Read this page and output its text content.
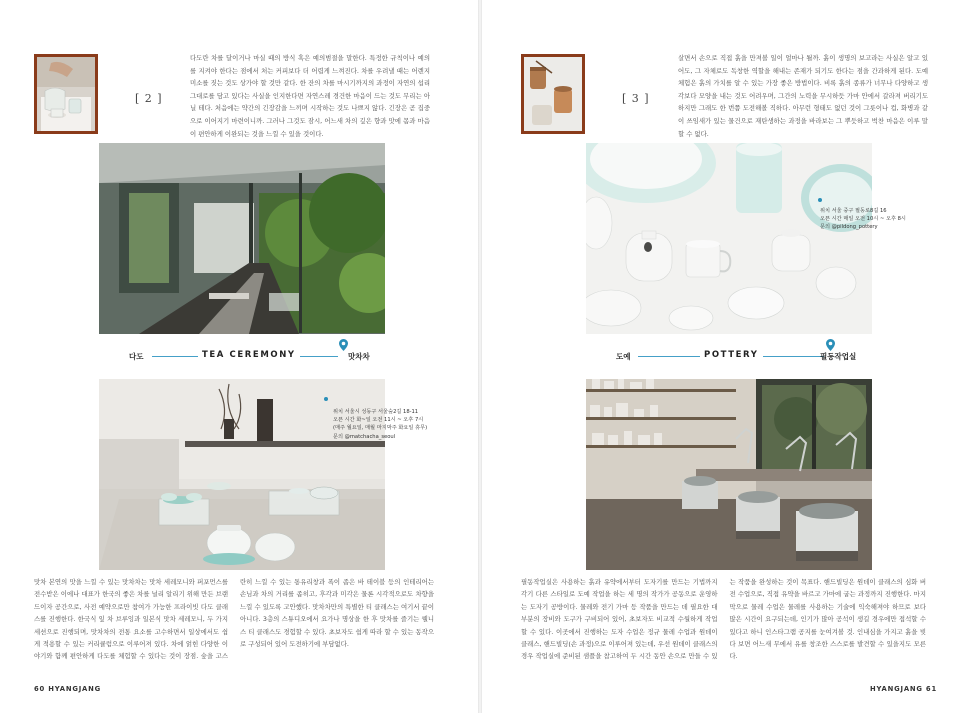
[ 2 ]
다도란 차를 달이거나 마실 때의 방식 혹은 예의범절을 말한다. 특정한 규칙이나 예의를 지켜야 한다는 점에서 처는 커피보다 더 어렵게 느껴진다. 차를 우려낼 때는 어렌지 미소를 짓는 것도 상가야 할 것만 같다. 한 잔의 차를 마시기까지의 과정이 자연의 섭리 그대로를 담고 있다는 사실을 인지한다면 자연스레 경건한 마음이 드는 것도 무리는 아닐 테다. 처음에는 약간의 긴장감을 느끼며 시작하는 것도 나쁘지 않다. 긴장은 곧 집중으로 이어지기 마련이니까. 그러나 그것도 잠시, 어느새 차의 깊은 향과 맛에 몸과 마음이 편안하게 이완되는 것을 느낄 수 있을 것이다.
다도	TEA CEREMONY	맛차차
위치 서울시 성동구 서울숲2길 18-11
오픈 시간 화~일 오전 11시 ~ 오후 7시
(매주 월요일, 매월 마지막주 화요일 휴무)
문의 @matchacha_seoul
맛차 본연의 맛을 느낄 수 있는 맛차차는 맛차 세레모니와 퍼포먼스를 전수받은 이에나 대표가 한국의 좋은 차를 널리 알리기 위해 만든 브랜드이자 공간으로, 사전 예약으로만 참여가 가능한 프라이빗 다도 클래스를 진행한다. 한국식 잎 차 브루잉과 일본식 맛차 세레모니, 두 가지 세션으로 진행되며, 맛차차의 전통 요소를 고수하면서 일상에서도 쉽게 적용할 수 있는 커리큘럼으로 이루어져 있다. 차에 얽힌 다양한 이야기와 함께 편안하게 다도를 체험할 수 있다는 것이 장점. 숲을 고스란히 느낄 수 있는 통유리창과 폭이 좁은 바 테이블 등의 인테리어는 손님과 차의 거리를 좁히고, 후각과 미각은 물론 시각적으로도 차향을 느낄 수 있도록 고안했다. 맛차차만의 특별한 티 클래스는 여기서 끝이 아니다. 3층의 스튜디오에서 요가나 명상을 한 후 맛차를 즐기는 웰니스 티 클래스도 경험할 수 있다. 초보자도 쉽게 따라 할 수 있는 동작으로 구성되어 있어 도전하기에 부담없다.
60 HYANGJANG
[ 3 ]
살면서 손으로 직접 흙을 만져볼 일이 얼마나 될까. 흙이 생명의 보고라는 사실은 알고 있어도, 그 자체로도 독창한 역할을 해내는 존재가 되기도 한다는 점을 간과하게 된다. 도예 체험은 흙의 가치를 알 수 있는 가장 좋은 방법이다. 비록 흙의 종류가 너무나 다양하고 생각보다 모양을 내는 것도 어려우며, 그간의 노력을 무시하듯 가마 안에서 갈라져 버리기도 하지만 그래도 한 번쯤 도전해볼 직하다. 아무런 형태도 없던 것이 그릇이나 컵, 화병과 같이 쓰임새가 있는 물건으로 재탄생하는 과정을 바라보는 그 뿌듯하고 벅찬 마음은 이루 말할 수 없다.
위치 서울 중구 필동로8길 16
오픈 시간 매일 오전 10시 ~ 오후 8시
문의 @pildong_pottery
도예	POTTERY	필동작업실
필동작업실은 사용하는 흙과 유약에서부터 도자기를 만드는 기법까지 각기 다른 스타일로 도예 작업을 하는 세 명의 작가가 공동으로 운영하는 도자기 공방이다. 물레와 전기 가마 등 작품을 만드는 데 필요한 대부분의 장비와 도구가 구비되어 있어, 초보자도 비교적 수월하게 작업할 수 있다. 이곳에서 진행하는 도자 수업은 정규 물레 수업과 원데이 클래스, 핸드빌딩(손 과정)으로 이루어져 있는데, 우선 원데이 클래스의 경우 작업실에 준비된 샘플을 참고하여 두 시간 동안 손으로 만들 수 있는 작품을 완성하는 것이 목표다. 핸드빌딩은 원데이 클래스의 심화 버전 수업으로, 직접 유약을 바르고 가마에 굽는 과정까지 진행한다. 마지막으로 물레 수업은 물레를 사용하는 기술에 익숙해져야 하므로 보다 많은 시간이 요구되는데, 인기가 많아 공석이 생길 경우에만 접석할 수 있다고 하니 인스타그램 공지를 눈여겨볼 것. 인내심을 가지고 흙을 빚다 보면 어느새 무에서 유를 창조한 스스로를 발견할 수 있을지도 모른다.
HYANGJANG 61
